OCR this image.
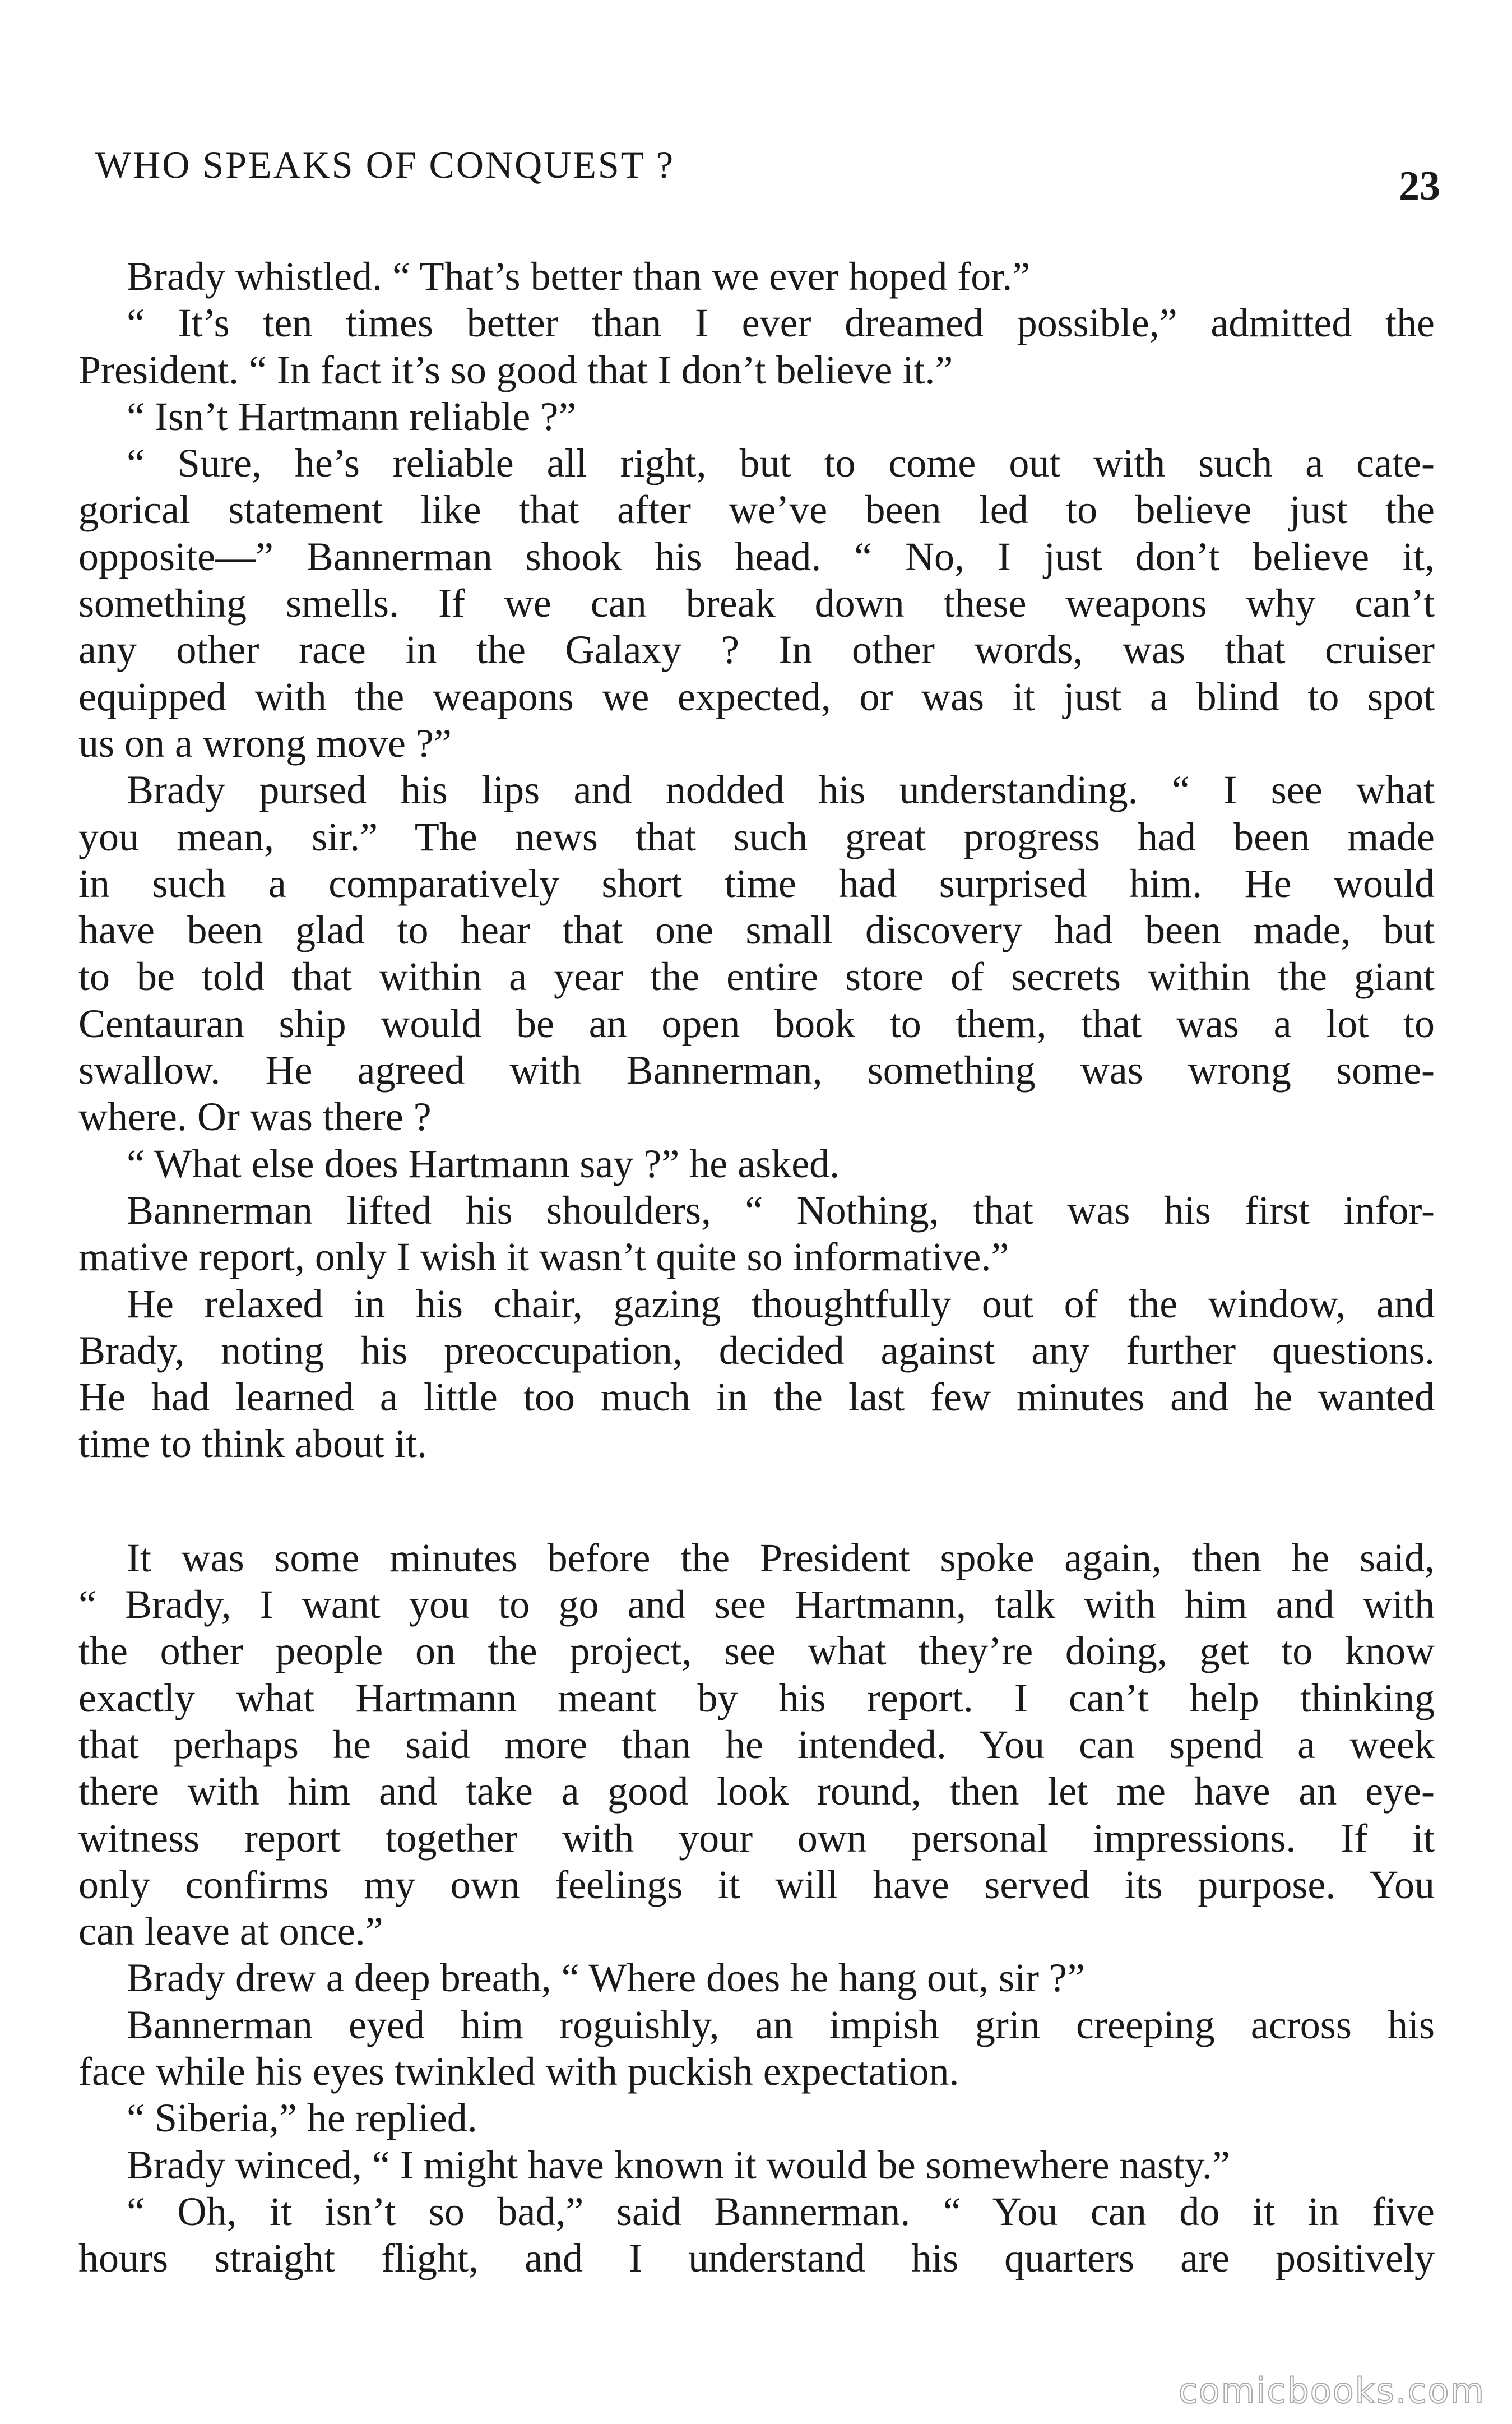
WHO SPEAKS OF CONQUEST ?	23
Brady whistled. “ That’s better than we ever hoped for.”
“ It’s ten times better than I ever dreamed possible,” admitted the
President. “ In fact it’s so good that I don’t believe it.”
“ Isn’t Hartmann reliable ?”
“ Sure, he’s reliable all right, but to come out with such a cate-
gorical statement like that after we’ve been led to believe just the
opposite—” Bannerman shook his head. “ No, I just don’t believe it,
something smells. If we can break down these weapons why can’t
any other race in the Galaxy ? In other words, was that cruiser
equipped with the weapons we expected, or was it just a blind to spot
us on a wrong move ?”
Brady pursed his lips and nodded his understanding. “ I see what
you mean, sir.” The news that such great progress had been made
in such a comparatively short time had surprised him. He would
have been glad to hear that one small discovery had been made, but
to be told that within a year the entire store of secrets within the giant
Centauran ship would be an open book to them, that was a lot to
swallow. He agreed with Bannerman, something was wrong some-
where. Or was there ?
“ What else does Hartmann say ?” he asked.
Bannerman lifted his shoulders, “ Nothing, that was his first infor-
mative report, only I wish it wasn’t quite so informative.”
He relaxed in his chair, gazing thoughtfully out of the window, and
Brady, noting his preoccupation, decided against any further questions.
He had learned a little too much in the last few minutes and he wanted
time to think about it.
It was some minutes before the President spoke again, then he said,
“ Brady, I want you to go and see Hartmann, talk with him and with
the other people on the project, see what they’re doing, get to know
exactly what Hartmann meant by his report. I can’t help thinking
that perhaps he said more than he intended. You can spend a week
there with him and take a good look round, then let me have an eye-
witness report together with your own personal impressions. If it
only confirms my own feelings it will have served its purpose. You
can leave at once.”
Brady drew a deep breath, “ Where does he hang out, sir ?”
Bannerman eyed him roguishly, an impish grin creeping across his
face while his eyes twinkled with puckish expectation.
“ Siberia,” he replied.
Brady winced, “ I might have known it would be somewhere nasty.”
“ Oh, it isn’t so bad,” said Bannerman. “ You can do it in five
hours straight flight, and I understand his quarters are positively
comicbooks.com
